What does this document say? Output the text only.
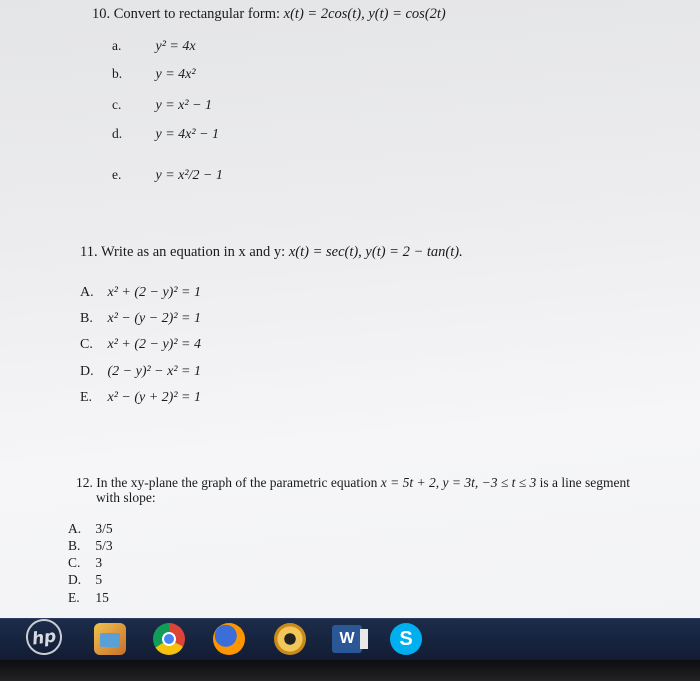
10. Convert to rectangular form: x(t) = 2cos(t), y(t) = cos(2t)
a. y² = 4x
b. y = 4x²
c. y = x² − 1
d. y = 4x² − 1
e. y = x²/2 − 1
11. Write as an equation in x and y: x(t) = sec(t), y(t) = 2 − tan(t).
A. x² + (2 − y)² = 1
B. x² − (y − 2)² = 1
C. x² + (2 − y)² = 4
D. (2 − y)² − x² = 1
E. x² − (y + 2)² = 1
12. In the xy-plane the graph of the parametric equation x = 5t + 2, y = 3t, −3 ≤ t ≤ 3 is a line segment
with slope:
A. 3/5
B. 5/3
C. 3
D. 5
E. 15
hp	W	S
